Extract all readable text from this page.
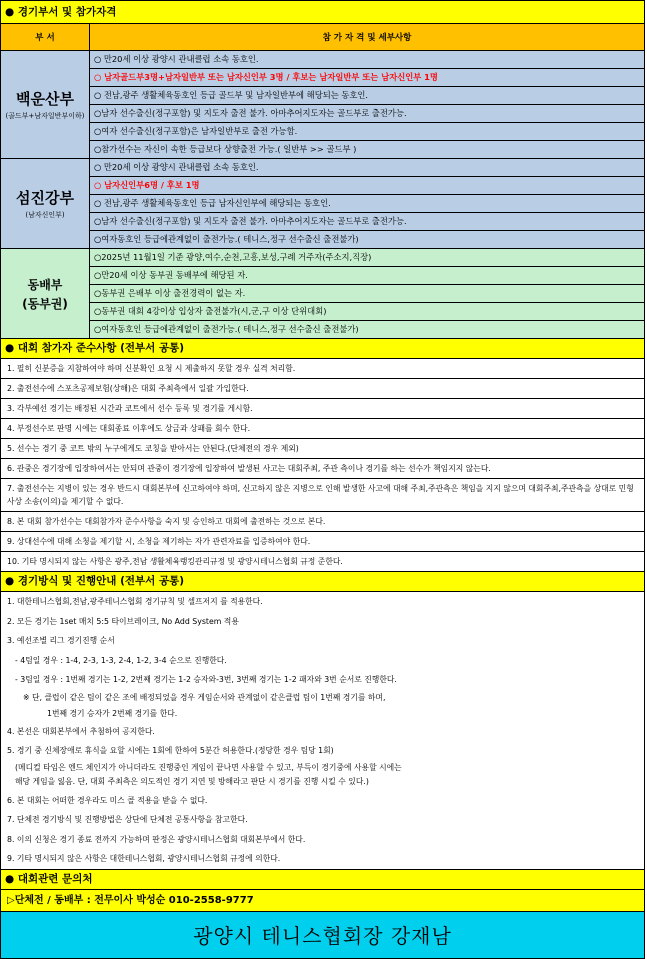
● 경기부서 및 참가자격
부 서	참 가 자 격 및 세부사항
백운산부
(골드부+남자일반부이하)
○ 만20세 이상 광양시 관내클럽 소속 동호인.
○ 남자골드부3명+남자일반부 또는 남자신인부 3명 / 후보는 남자일반부 또는 남자신인부 1명
○ 전남,광주 생활체육동호인 등급 골드부 및 남자일반부에 해당되는 동호인.
○남자 선수출신(정구포함) 및 지도자 출전 불가. 아마추어지도자는 골드부로 출전가능.
○여자 선수출신(정구포함)은 남자일반부로 출전 가능함.
○참가선수는 자신이 속한 등급보다 상향출전 가능.( 일반부 >> 골드부 )
섬진강부
(남자신인부)
○ 만20세 이상 광양시 관내클럽 소속 동호인.
○ 남자신인부6명 / 후보 1명
○ 전남,광주 생활체육동호인 등급 남자신인부에 해당되는 동호인.
○남자 선수출신(정구포함) 및 지도자 출전 불가. 아마추어지도자는 골드부로 출전가능.
○여자동호인 등급에관계없이 출전가능.( 테니스,정구 선수출신 출전불가)
동배부
(동부권)
○2025년 11월1일 기준 광양,여수,순천,고흥,보성,구례 거주자(주소지,직장)
○만20세 이상 동부권 동배부에 해당된 자.
○동부권 은배부 이상 출전경력이 없는 자.
○동부권 대회 4강이상 입상자 출전불가(시,군,구 이상 단위대회)
○여자동호인 등급에관계없이 출전가능.( 테니스,정구 선수출신 출전불가)
● 대회 참가자 준수사항 (전부서 공통)
1. 필히 신분증을 지참하여야 하며 신분확인 요청 시 제출하지 못할 경우 실격 처리함.
2. 출전선수에 스포츠공제보험(상해)은 대회 주최측에서 일괄 가입한다.
3. 각부예선 경기는 배정된 시간과 코트에서 선수 등록 및 경기를 게시함.
4. 부정선수로 판명 시에는 대회종료 이후에도 상금과 상패를 회수 한다.
5. 선수는 경기 중 코트 밖의 누구에게도 코칭을 받아서는 안된다.(단체전의 경우 제외)
6. 관중은 경기장에 입장하여서는 안되며 관중이 경기장에 입장하여 발생된 사고는 대회주최, 주관 측이나 경기를 하는 선수가 책임지지 않는다.
7. 출전선수는 지병이 있는 경우 반드시 대회본부에 신고하여야 하며, 신고하지 않은 지병으로 인해 발생한 사고에 대해 주최,주관측은 책임을 지지 않으며 대회주최,주관측을 상대로 민형사상 소송(이의)을 제기할 수 없다.
8. 본 대회 참가선수는 대회참가자 준수사항을 숙지 및 승인하고 대회에 출전하는 것으로 본다.
9. 상대선수에 대해 소청을 제기할 시, 소청을 제기하는 자가 관련자료를 입증하여야 한다.
10. 기타 명시되지 않는 사항은 광주,전남 생활체육랭킹관리규정 및 광양시테니스협회 규정 준한다.
● 경기방식 및 진행안내 (전부서 공통)
1. 대한테니스협회,전남,광주테니스협회 경기규칙 및 셀프저지 를 적용한다.
2. 모든 경기는 1set 매치 5:5 타이브레이크, No Add System 적용
3. 예선조별 리그 경기진행 순서
- 4팀일 경우 : 1-4, 2-3, 1-3, 2-4, 1-2, 3-4 순으로 진행한다.
- 3팀일 경우 : 1번째 경기는 1-2, 2번째 경기는 1-2 승자와-3번, 3번째 경기는 1-2 패자와 3번 순서로 진행한다.
※ 단, 클럽이 같은 팀이 같은 조에 배정되었을 경우 게임순서와 관계없이 같은클럽 팀이 1번째 경기를 하며,
1번째 경기 승자가 2번째 경기를 한다.
4. 본선은 대회본부에서 추첨하여 공지한다.
5. 경기 중 신체장애로 휴식을 요할 시에는 1회에 한하여 5분간 허용한다.(정당한 경우 팀당 1회)
(메디컬 타임은 엔드 체인지가 아니더라도 진행중인 게임이 끝나면 사용할 수 있고, 부득이 경기중에 사용할 시에는
해당 게임을 잃음. 단, 대회 주최측은 의도적인 경기 지연 및 방해라고 판단 시 경기를 진행 시킬 수 있다.)
6. 본 대회는 어떠한 경우라도 미스 콜 적용을 받을 수 없다.
7. 단체전 경기방식 및 진행방법은 상단에 단체전 공통사항을 참고한다.
8. 이의 신청은 경기 종료 전까지 가능하며 판정은 광양시테니스협회 대회본부에서 한다.
9. 기타 명시되지 않은 사항은 대한테니스협회, 광양시테니스협회 규정에 의한다.
● 대회관련 문의처
▷단체전 / 동배부 : 전무이사 박성순 010-2558-9777
광양시 테니스협회장 강재남
